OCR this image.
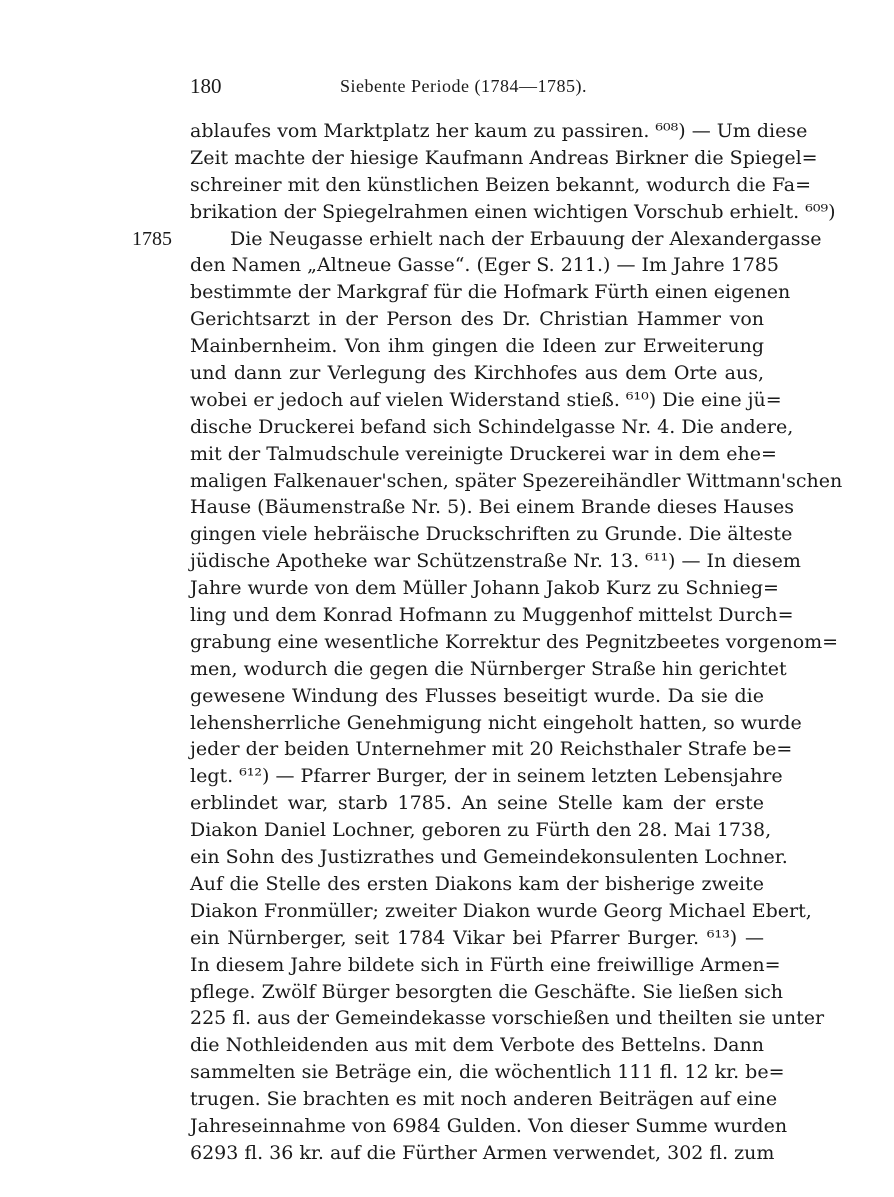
180	Siebente Periode (1784—1785).
1785
ablaufes vom Marktplatz her kaum zu passiren. ⁶⁰⁸) — Um diese
Zeit machte der hiesige Kaufmann Andreas Birkner die Spiegel=
schreiner mit den künstlichen Beizen bekannt, wodurch die Fa=
brikation der Spiegelrahmen einen wichtigen Vorschub erhielt. ⁶⁰⁹)
Die Neugasse erhielt nach der Erbauung der Alexandergasse
den Namen „Altneue Gasse“. (Eger S. 211.) — Im Jahre 1785
bestimmte der Markgraf für die Hofmark Fürth einen eigenen
Gerichtsarzt in der Person des Dr. Christian Hammer von
Mainbernheim. Von ihm gingen die Ideen zur Erweiterung
und dann zur Verlegung des Kirchhofes aus dem Orte aus,
wobei er jedoch auf vielen Widerstand stieß. ⁶¹⁰) Die eine jü=
dische Druckerei befand sich Schindelgasse Nr. 4. Die andere,
mit der Talmudschule vereinigte Druckerei war in dem ehe=
maligen Falkenauer'schen, später Spezereihändler Wittmann'schen
Hause (Bäumenstraße Nr. 5). Bei einem Brande dieses Hauses
gingen viele hebräische Druckschriften zu Grunde. Die älteste
jüdische Apotheke war Schützenstraße Nr. 13. ⁶¹¹) — In diesem
Jahre wurde von dem Müller Johann Jakob Kurz zu Schnieg=
ling und dem Konrad Hofmann zu Muggenhof mittelst Durch=
grabung eine wesentliche Korrektur des Pegnitzbeetes vorgenom=
men, wodurch die gegen die Nürnberger Straße hin gerichtet
gewesene Windung des Flusses beseitigt wurde. Da sie die
lehensherrliche Genehmigung nicht eingeholt hatten, so wurde
jeder der beiden Unternehmer mit 20 Reichsthaler Strafe be=
legt. ⁶¹²) — Pfarrer Burger, der in seinem letzten Lebensjahre
erblindet war, starb 1785. An seine Stelle kam der erste
Diakon Daniel Lochner, geboren zu Fürth den 28. Mai 1738,
ein Sohn des Justizrathes und Gemeindekonsulenten Lochner.
Auf die Stelle des ersten Diakons kam der bisherige zweite
Diakon Fronmüller; zweiter Diakon wurde Georg Michael Ebert,
ein Nürnberger, seit 1784 Vikar bei Pfarrer Burger. ⁶¹³) —
In diesem Jahre bildete sich in Fürth eine freiwillige Armen=
pflege. Zwölf Bürger besorgten die Geschäfte. Sie ließen sich
225 fl. aus der Gemeindekasse vorschießen und theilten sie unter
die Nothleidenden aus mit dem Verbote des Bettelns. Dann
sammelten sie Beträge ein, die wöchentlich 111 fl. 12 kr. be=
trugen. Sie brachten es mit noch anderen Beiträgen auf eine
Jahreseinnahme von 6984 Gulden. Von dieser Summe wurden
6293 fl. 36 kr. auf die Fürther Armen verwendet, 302 fl. zum
